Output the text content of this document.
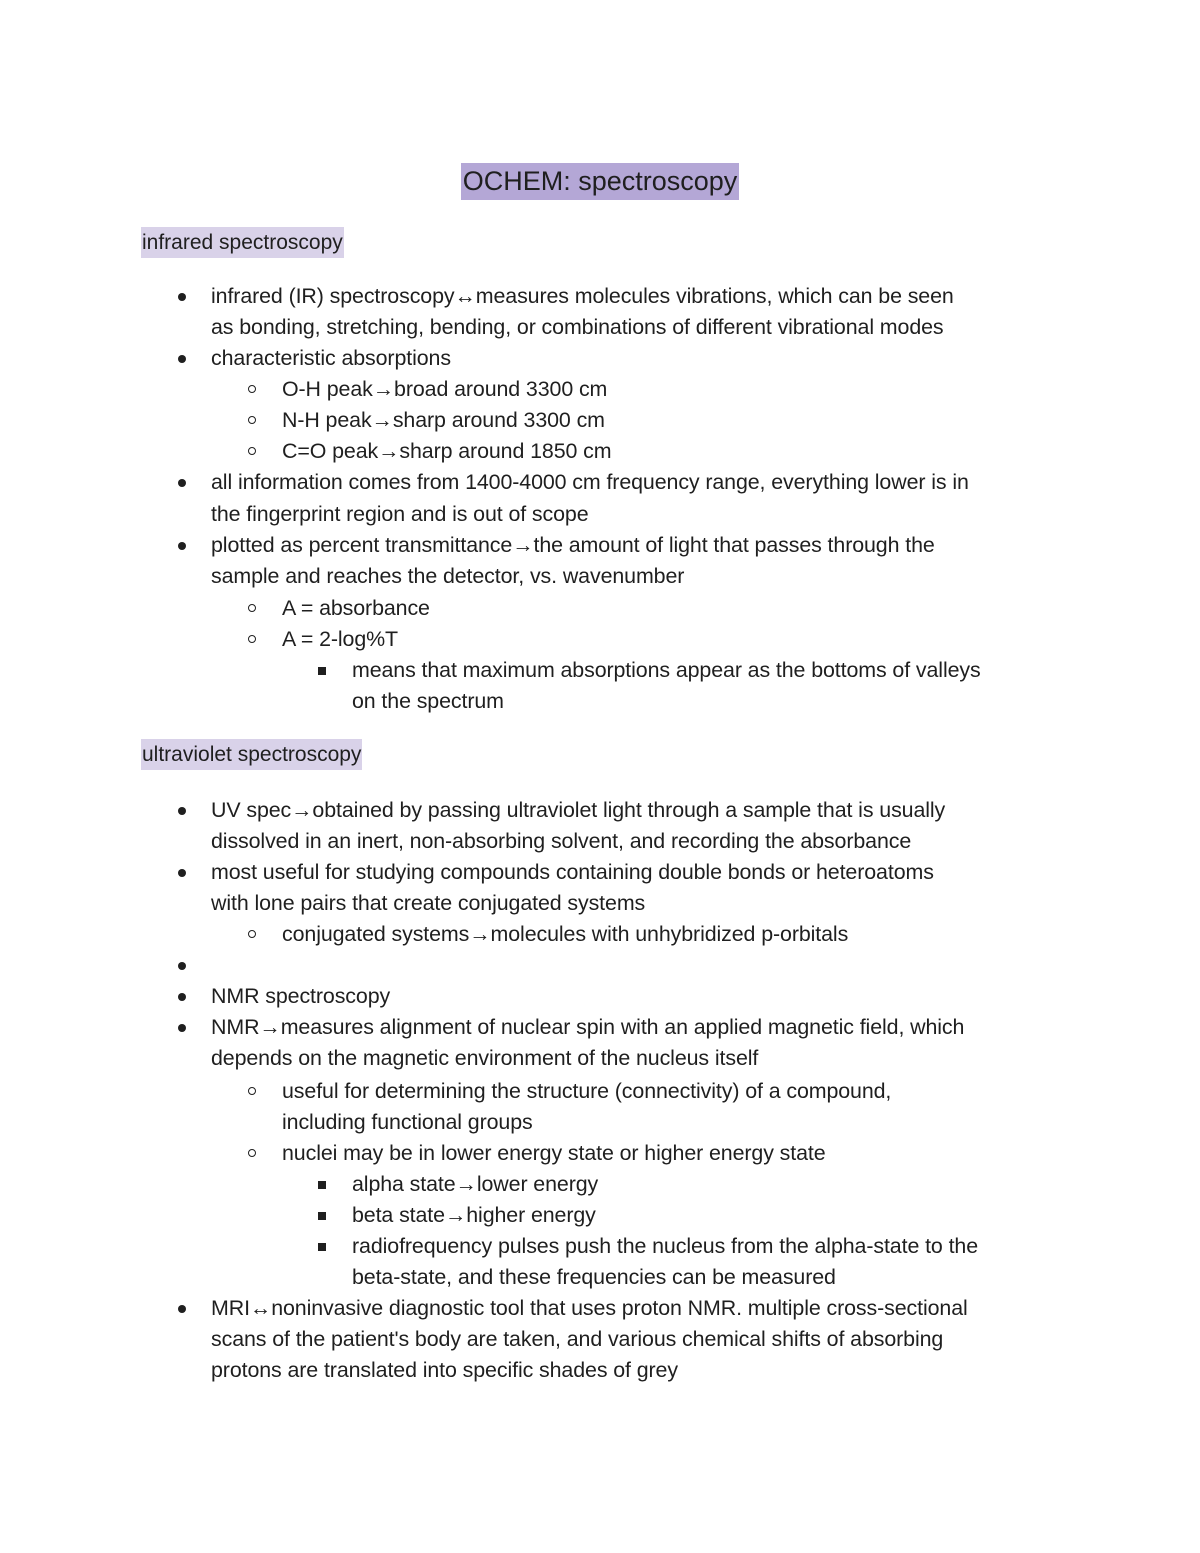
OCHEM: spectroscopy
infrared spectroscopy
infrared (IR) spectroscopy↔measures molecules vibrations, which can be seen
as bonding, stretching, bending, or combinations of different vibrational modes
characteristic absorptions
O-H peak→broad around 3300 cm
N-H peak→sharp around 3300 cm
C=O peak→sharp around 1850 cm
all information comes from 1400-4000 cm frequency range, everything lower is in
the fingerprint region and is out of scope
plotted as percent transmittance→the amount of light that passes through the
sample and reaches the detector, vs. wavenumber
A = absorbance
A = 2-log%T
means that maximum absorptions appear as the bottoms of valleys
on the spectrum
ultraviolet spectroscopy
UV spec→obtained by passing ultraviolet light through a sample that is usually
dissolved in an inert, non-absorbing solvent, and recording the absorbance
most useful for studying compounds containing double bonds or heteroatoms
with lone pairs that create conjugated systems
conjugated systems→molecules with unhybridized p-orbitals
NMR spectroscopy
NMR→measures alignment of nuclear spin with an applied magnetic field, which
depends on the magnetic environment of the nucleus itself
useful for determining the structure (connectivity) of a compound,
including functional groups
nuclei may be in lower energy state or higher energy state
alpha state→lower energy
beta state→higher energy
radiofrequency pulses push the nucleus from the alpha-state to the
beta-state, and these frequencies can be measured
MRI↔noninvasive diagnostic tool that uses proton NMR. multiple cross-sectional
scans of the patient's body are taken, and various chemical shifts of absorbing
protons are translated into specific shades of grey
